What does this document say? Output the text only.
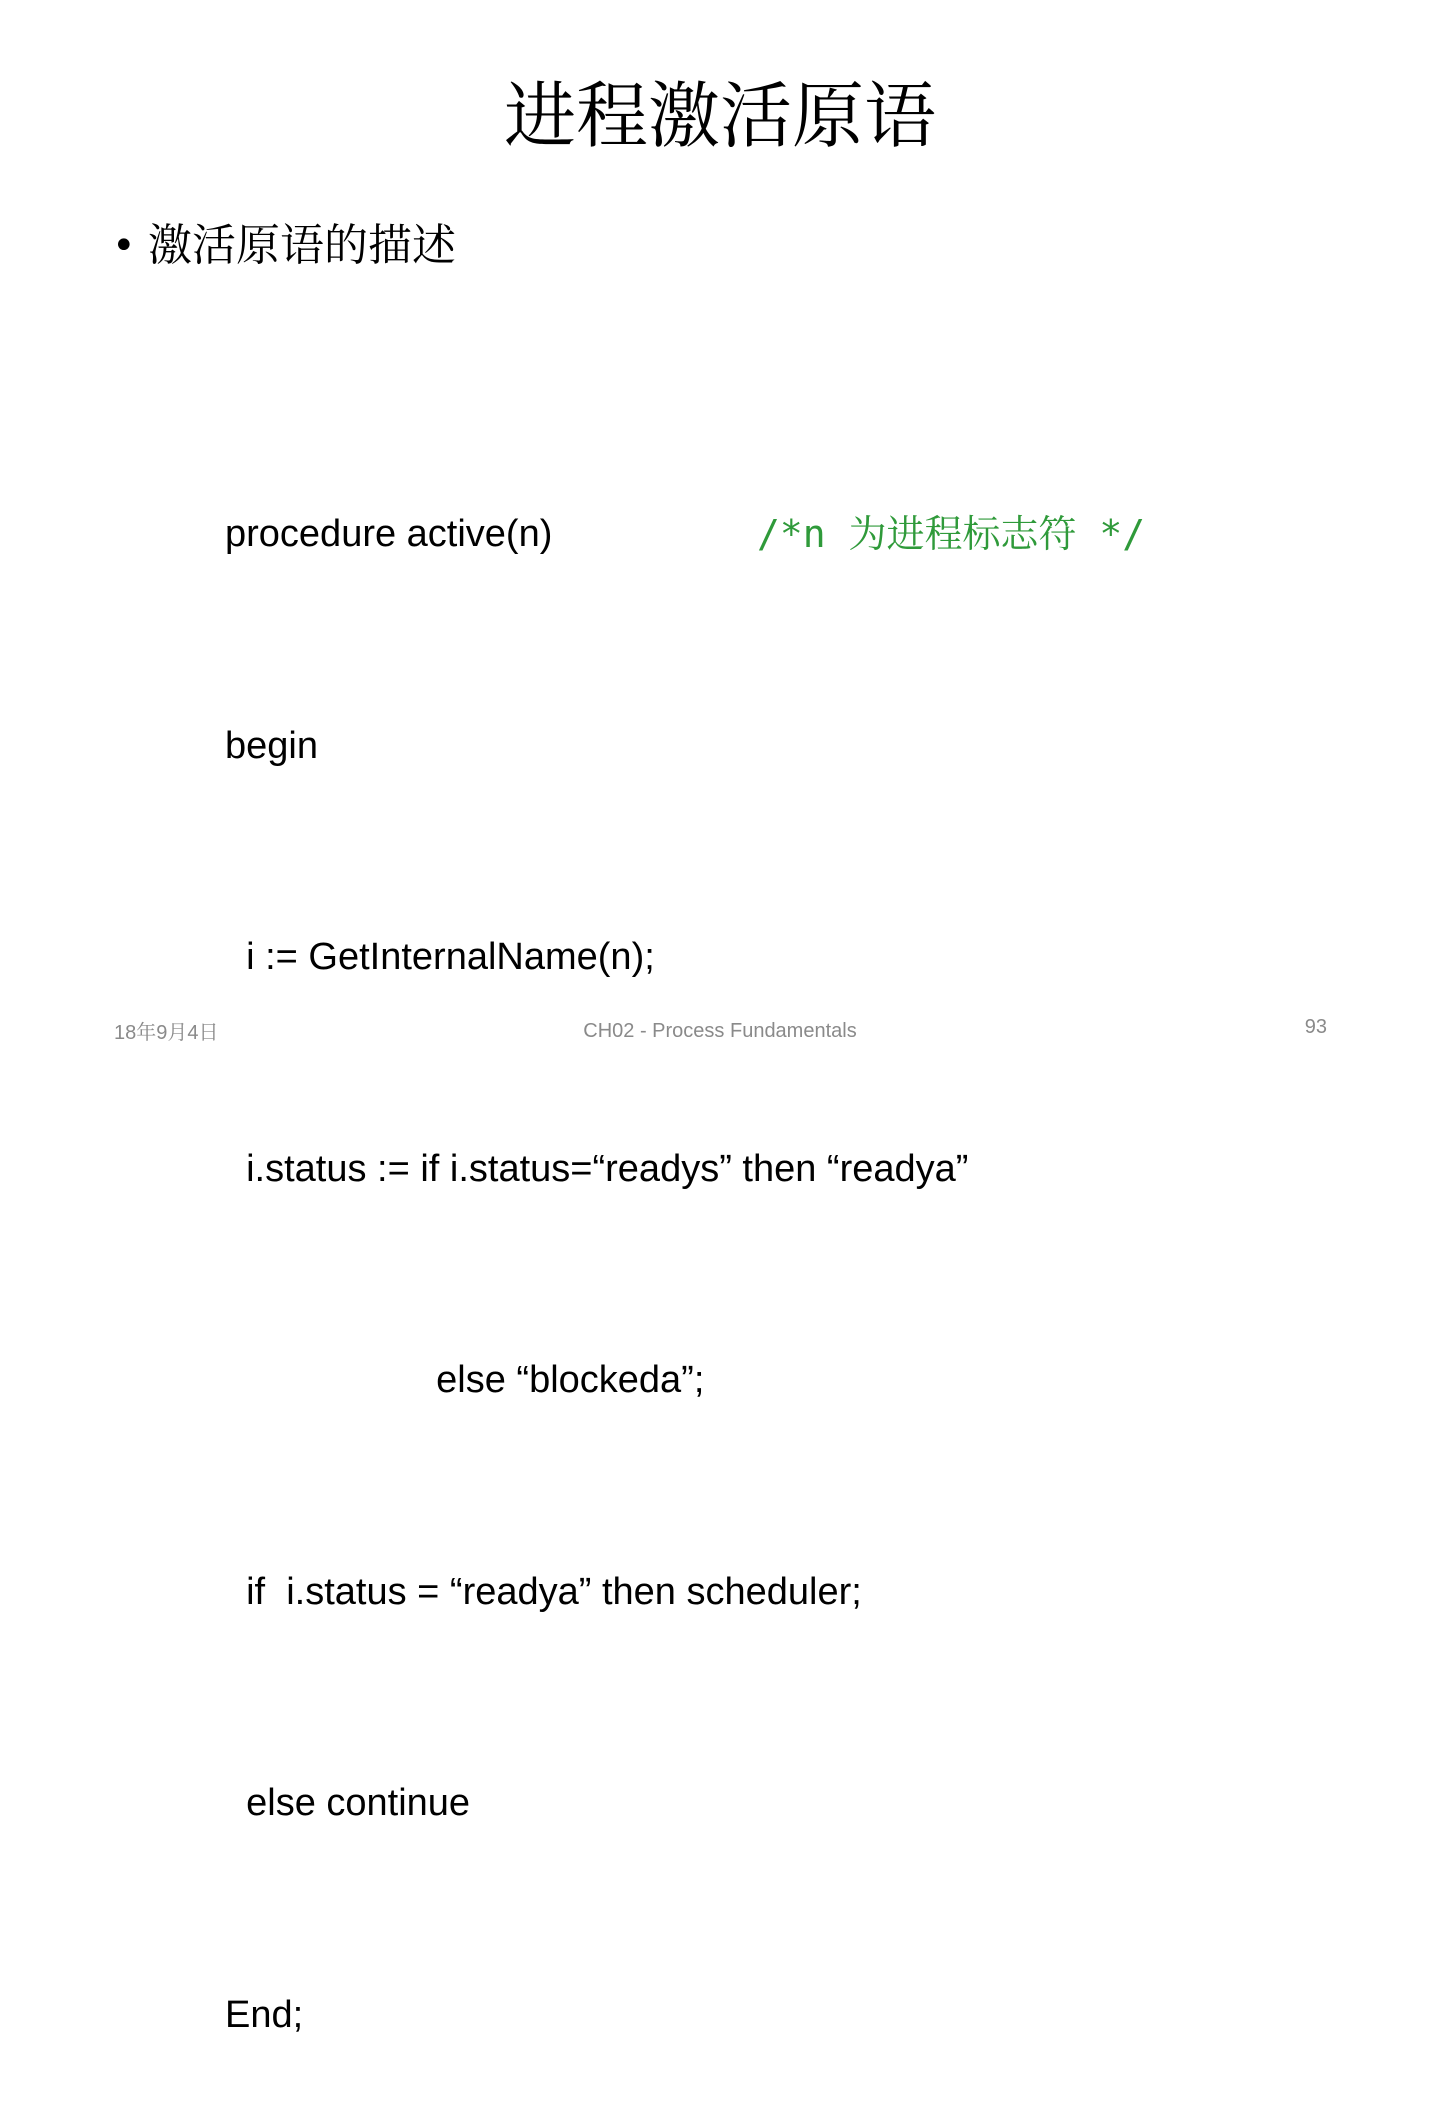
进程激活原语
• 激活原语的描述

procedure active(n)	/*n 为进程标志符 */

begin

i := GetInternalName(n);

i.status := if i.status=“readys” then “readya”

else “blockeda”;

if  i.status = “readya” then scheduler;

else continue

End;

18年9月4日	CH02 - Process Fundamentals	93
